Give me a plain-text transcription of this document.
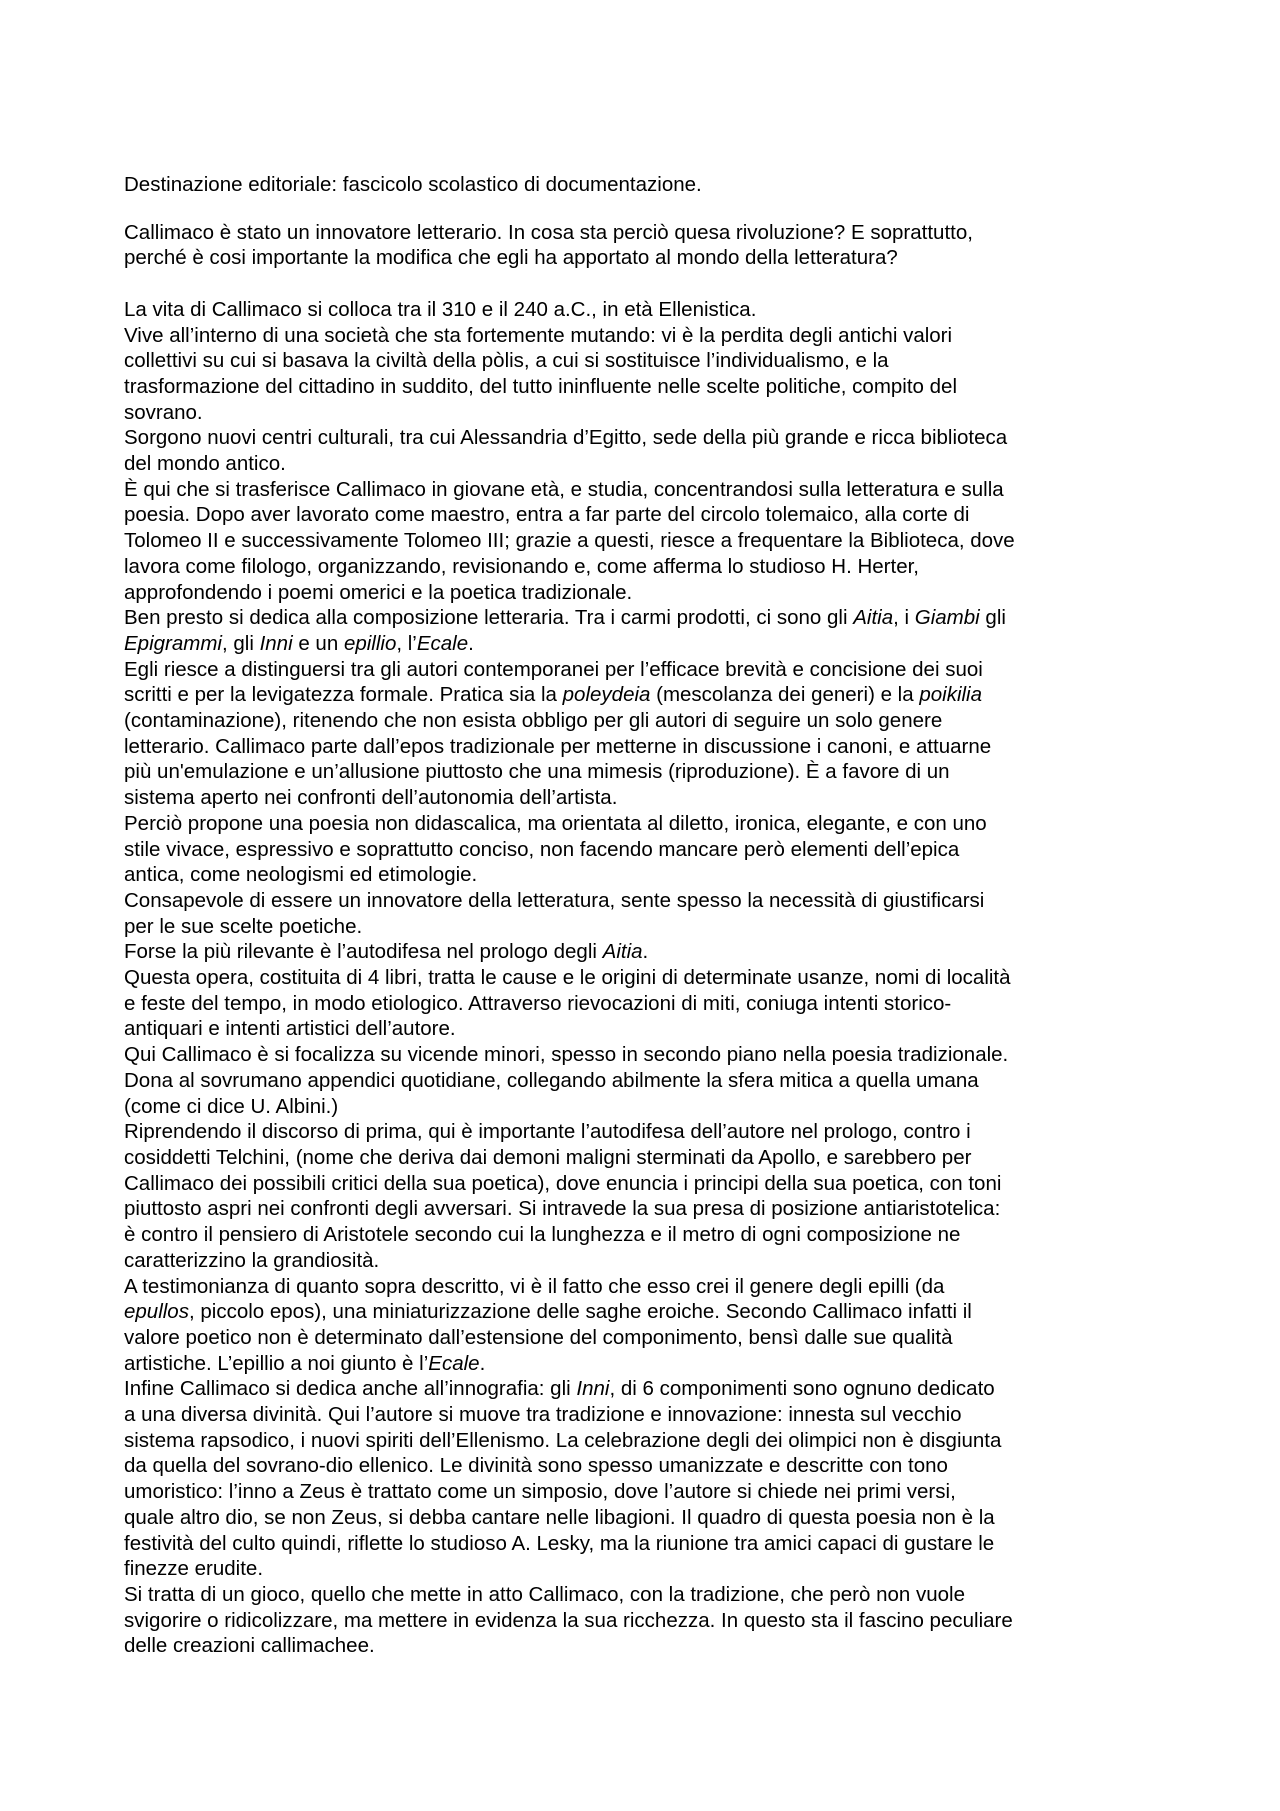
Destinazione editoriale: fascicolo scolastico di documentazione.

Callimaco è stato un innovatore letterario. In cosa sta perciò quesa rivoluzione? E soprattutto,
perché è cosi importante la modifica che egli ha apportato al mondo della letteratura?

La vita di Callimaco si colloca tra il 310 e il 240 a.C., in età Ellenistica.

Vive all’interno di una società che sta fortemente mutando: vi è la perdita degli antichi valori
collettivi su cui si basava la civiltà della pòlis, a cui si sostituisce l’individualismo, e la
trasformazione del cittadino in suddito, del tutto ininfluente nelle scelte politiche, compito del
sovrano.

Sorgono nuovi centri culturali, tra cui Alessandria d’Egitto, sede della più grande e ricca biblioteca
del mondo antico.

È qui che si trasferisce Callimaco in giovane età, e studia, concentrandosi sulla letteratura e sulla
poesia. Dopo aver lavorato come maestro, entra a far parte del circolo tolemaico, alla corte di
Tolomeo II e successivamente Tolomeo III; grazie a questi, riesce a frequentare la Biblioteca, dove
lavora come filologo, organizzando, revisionando e, come afferma lo studioso H. Herter,
approfondendo i poemi omerici e la poetica tradizionale.

Ben presto si dedica alla composizione letteraria. Tra i carmi prodotti, ci sono gli Aitia, i Giambi gli
Epigrammi, gli Inni e un epillio, l’Ecale.

Egli riesce a distinguersi tra gli autori contemporanei per l’efficace brevità e concisione dei suoi
scritti e per la levigatezza formale. Pratica sia la poleydeia (mescolanza dei generi) e la poikilia
(contaminazione), ritenendo che non esista obbligo per gli autori di seguire un solo genere
letterario. Callimaco parte dall’epos tradizionale per metterne in discussione i canoni, e attuarne
più un'emulazione e un’allusione piuttosto che una mimesis (riproduzione). È a favore di un
sistema aperto nei confronti dell’autonomia dell’artista.

Perciò propone una poesia non didascalica, ma orientata al diletto, ironica, elegante, e con uno
stile vivace, espressivo e soprattutto conciso, non facendo mancare però elementi dell’epica
antica, come neologismi ed etimologie.

Consapevole di essere un innovatore della letteratura, sente spesso la necessità di giustificarsi
per le sue scelte poetiche.

Forse la più rilevante è l’autodifesa nel prologo degli Aitia.

Questa opera, costituita di 4 libri, tratta le cause e le origini di determinate usanze, nomi di località
e feste del tempo, in modo etiologico. Attraverso rievocazioni di miti, coniuga intenti storico-
antiquari e intenti artistici dell’autore.

Qui Callimaco è si focalizza su vicende minori, spesso in secondo piano nella poesia tradizionale.
Dona al sovrumano appendici quotidiane, collegando abilmente la sfera mitica a quella umana
(come ci dice U. Albini.)

Riprendendo il discorso di prima, qui è importante l’autodifesa dell’autore nel prologo, contro i
cosiddetti Telchini, (nome che deriva dai demoni maligni sterminati da Apollo, e sarebbero per
Callimaco dei possibili critici della sua poetica), dove enuncia i principi della sua poetica, con toni
piuttosto aspri nei confronti degli avversari. Si intravede la sua presa di posizione antiaristotelica:
è contro il pensiero di Aristotele secondo cui la lunghezza e il metro di ogni composizione ne
caratterizzino la grandiosità.

A testimonianza di quanto sopra descritto, vi è il fatto che esso crei il genere degli epilli (da
epullos, piccolo epos), una miniaturizzazione delle saghe eroiche. Secondo Callimaco infatti il
valore poetico non è determinato dall’estensione del componimento, bensì dalle sue qualità
artistiche. L’epillio a noi giunto è l’Ecale.

Infine Callimaco si dedica anche all’innografia: gli Inni, di 6 componimenti sono ognuno dedicato
a una diversa divinità. Qui l’autore si muove tra tradizione e innovazione: innesta sul vecchio
sistema rapsodico, i nuovi spiriti dell’Ellenismo. La celebrazione degli dei olimpici non è disgiunta
da quella del sovrano-dio ellenico. Le divinità sono spesso umanizzate e descritte con tono
umoristico: l’inno a Zeus è trattato come un simposio, dove l’autore si chiede nei primi versi,
quale altro dio, se non Zeus, si debba cantare nelle libagioni. Il quadro di questa poesia non è la
festività del culto quindi, riflette lo studioso A. Lesky, ma la riunione tra amici capaci di gustare le
finezze erudite.

Si tratta di un gioco, quello che mette in atto Callimaco, con la tradizione, che però non vuole
svigorire o ridicolizzare, ma mettere in evidenza la sua ricchezza. In questo sta il fascino peculiare
delle creazioni callimachee.
